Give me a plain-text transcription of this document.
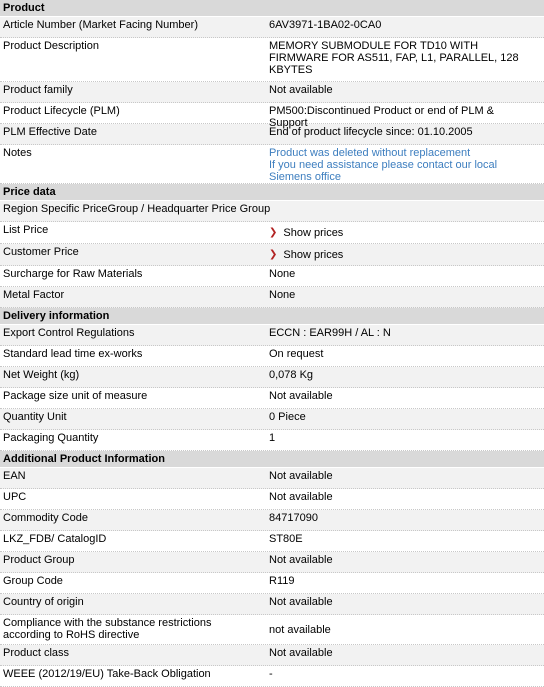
Product
Article Number (Market Facing Number)	6AV3971-1BA02-0CA0
Product Description	MEMORY SUBMODULE FOR TD10 WITH FIRMWARE FOR AS511, FAP, L1, PARALLEL, 128 KBYTES
Product family	Not available
Product Lifecycle (PLM)	PM500:Discontinued Product or end of PLM & Support
PLM Effective Date	End of product lifecycle since: 01.10.2005
Notes	Product was deleted without replacement
If you need assistance please contact our local Siemens office
Price data
Region Specific PriceGroup / Headquarter Price Group
List Price	❯ Show prices
Customer Price	❯ Show prices
Surcharge for Raw Materials	None
Metal Factor	None
Delivery information
Export Control Regulations	ECCN : EAR99H / AL : N
Standard lead time ex-works	On request
Net Weight (kg)	0,078 Kg
Package size unit of measure	Not available
Quantity Unit	0 Piece
Packaging Quantity	1
Additional Product Information
EAN	Not available
UPC	Not available
Commodity Code	84717090
LKZ_FDB/ CatalogID	ST80E
Product Group	Not available
Group Code	R119
Country of origin	Not available
Compliance with the substance restrictions according to RoHS directive	not available
Product class	Not available
WEEE (2012/19/EU) Take-Back Obligation	-
